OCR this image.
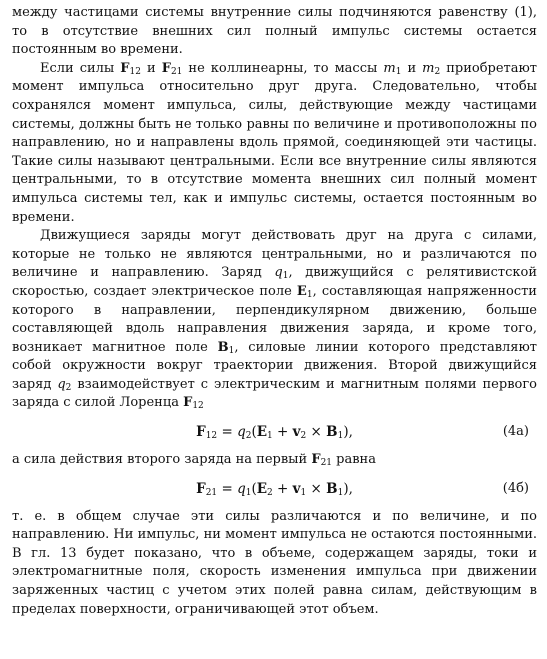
между частицами системы внутренние силы подчиняются равенству (1), то в отсутствие внешних сил полный импульс системы остается постоянным во времени.

Если силы $F_{12}$ и $F_{21}$ не коллинеарны, то массы $m_1$ и $m_2$ приобретают момент импульса относительно друг друга. Следовательно, чтобы сохранялся момент импульса, силы, действующие между частицами системы, должны быть не только равны по величине и противоположны по направлению, но и направлены вдоль прямой, соединяющей эти частицы. Такие силы называют центральными. Если все внутренние силы являются центральными, то в отсутствие момента внешних сил полный момент импульса системы тел, как и импульс системы, остается постоянным во времени.

Движущиеся заряды могут действовать друг на друга с силами, которые не только не являются центральными, но и различаются по величине и направлению. Заряд $q_1$, движущийся с релятивистской скоростью, создает электрическое поле $E_1$, составляющая напряженности которого в направлении, перпендикулярном движению, больше составляющей вдоль направления движения заряда, и кроме того, возникает магнитное поле $B_1$, силовые линии которого представляют собой окружности вокруг траектории движения. Второй движущийся заряд $q_2$ взаимодействует с электрическим и магнитным полями первого заряда с силой Лоренца $F_{12}$

$F_{12} = q_2(E_1 + v_2 \times B_1)$,	(4а)

а сила действия второго заряда на первый $F_{21}$ равна

$F_{21} = q_1(E_2 + v_1 \times B_1)$,	(4б)

т. е. в общем случае эти силы различаются и по величине, и по направлению. Ни импульс, ни момент импульса не остаются постоянными. В гл. 13 будет показано, что в объеме, содержащем заряды, токи и электромагнитные поля, скорость изменения импульса при движении заряженных частиц с учетом этих полей равна силам, действующим в пределах поверхности, ограничивающей этот объем.
